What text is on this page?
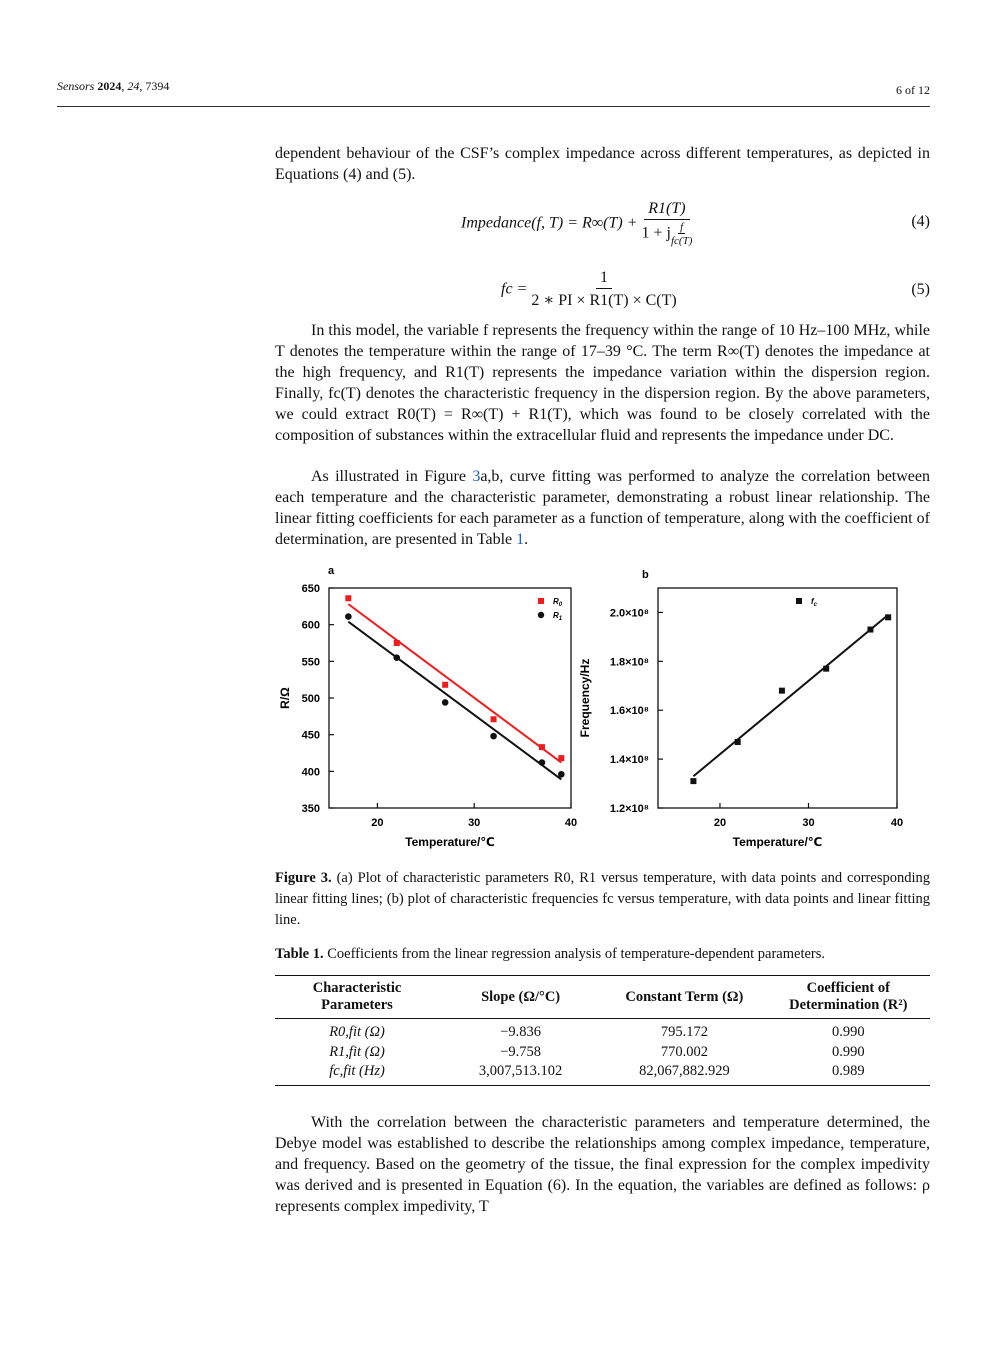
Sensors 2024, 24, 7394	6 of 12

dependent behaviour of the CSF’s complex impedance across different temperatures, as depicted in Equations (4) and (5).

Impedance(f, $T) = R\infty(T) + \frac{R1(T)}{1 + j \frac{f}{fc(T)}}$	(4)
fc = $\frac{1}{2 ∗ PI \times R1(T) \times C(T)}$	(5)

In this model, the variable f represents the frequency within the range of 10 Hz–100 MHz, while T denotes the temperature within the range of 17–39 °C. The term R∞(T) denotes the impedance at the high frequency, and R1(T) represents the impedance variation within the dispersion region. Finally, fc(T) denotes the characteristic frequency in the dispersion region. By the above parameters, we could extract R0(T) = R∞(T) + R1(T), which was found to be closely correlated with the composition of substances within the extracellular fluid and represents the impedance under DC.

As illustrated in Figure 3a,b, curve fitting was performed to analyze the correlation between each temperature and the characteristic parameter, demonstrating a robust linear relationship. The linear fitting coefficients for each parameter as a function of temperature, along with the coefficient of determination, are presented in Table 1.

a	b
20	30	40
350
400
450
500
550
600
650
Temperature/℃
R/Ω
$R_0$
$R_1$
20	30	40
1.2×10⁸
1.4×10⁸
1.6×10⁸
1.8×10⁸
2.0×10⁸
Temperature/℃
Frequency/Hz
$f_c$

Figure 3. (a) Plot of characteristic parameters R0, R1 versus temperature, with data points and corresponding linear fitting lines; (b) plot of characteristic frequencies fc versus temperature, with data points and linear fitting line.

Table 1. Coefficients from the linear regression analysis of temperature-dependent parameters.

Characteristic Parameters	Slope (Ω/°C)	Constant Term (Ω)	Coefficient of Determination (R²)
R0,fit (Ω)	−9.836	795.172	0.990
R1,fit (Ω)	−9.758	770.002	0.990
fc,fit (Hz)	3,007,513.102	82,067,882.929	0.989

With the correlation between the characteristic parameters and temperature determined, the Debye model was established to describe the relationships among complex impedance, temperature, and frequency. Based on the geometry of the tissue, the final expression for the complex impedivity was derived and is presented in Equation (6). In the equation, the variables are defined as follows: ρ represents complex impedivity, T
